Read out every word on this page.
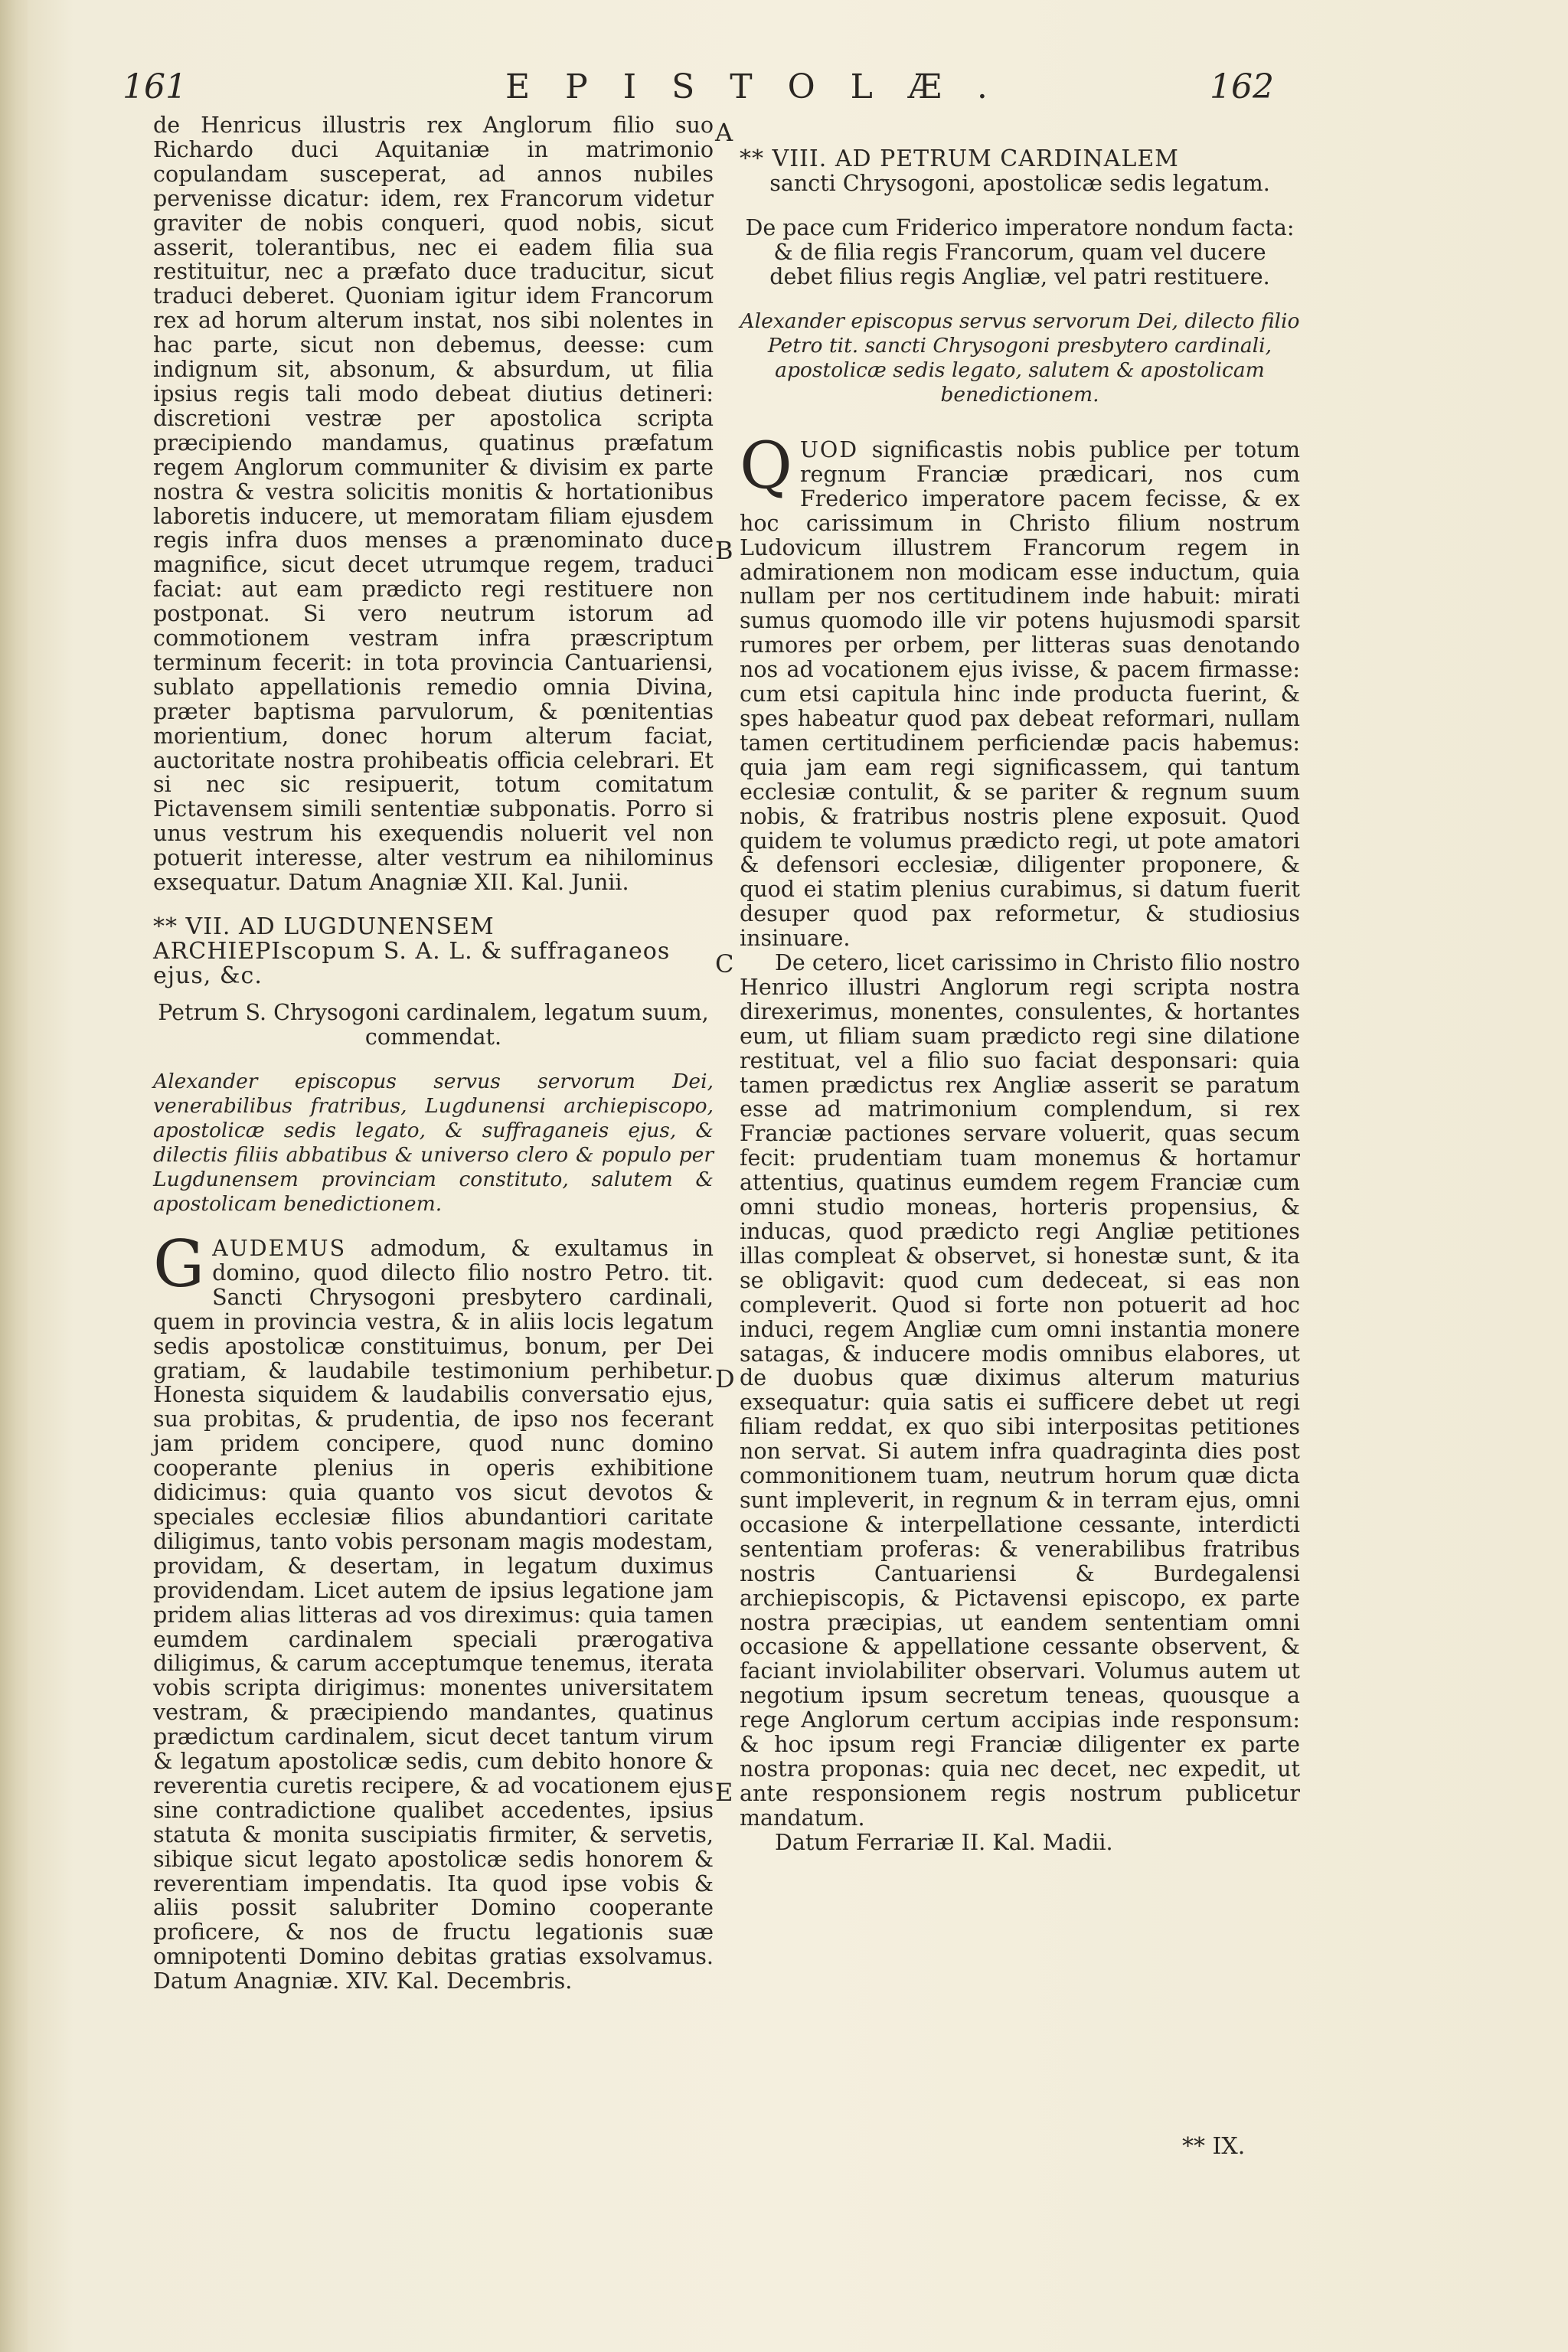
161	EPISTOLÆ.	162
A
B
C
D
E

de Henricus illustris rex Anglorum filio suo Richardo duci Aquitaniæ in matrimonio copulandam susceperat, ad annos nubiles pervenisse dicatur: idem, rex Francorum videtur graviter de nobis conqueri, quod nobis, sicut asserit, tolerantibus, nec ei eadem filia sua restituitur, nec a præfato duce traducitur, sicut traduci deberet. Quoniam igitur idem Francorum rex ad horum alterum instat, nos sibi nolentes in hac parte, sicut non debemus, deesse: cum indignum sit, absonum, & absurdum, ut filia ipsius regis tali modo debeat diutius detineri: discretioni vestræ per apostolica scripta præcipiendo mandamus, quatinus præfatum regem Anglorum communiter & divisim ex parte nostra & vestra solicitis monitis & hortationibus laboretis inducere, ut memoratam filiam ejusdem regis infra duos menses a prænominato duce magnifice, sicut decet utrumque regem, traduci faciat: aut eam prædicto regi restituere non postponat. Si vero neutrum istorum ad commotionem vestram infra præscriptum terminum fecerit: in tota provincia Cantuariensi, sublato appellationis remedio omnia Divina, præter baptisma parvulorum, & pœnitentias morientium, donec horum alterum faciat, auctoritate nostra prohibeatis officia celebrari. Et si nec sic resipuerit, totum comitatum Pictavensem simili sententiæ subponatis. Porro si unus vestrum his exequendis noluerit vel non potuerit interesse, alter vestrum ea nihilominus exsequatur. Datum Anagniæ XII. Kal. Junii.

** VII. AD LUGDUNENSEM ARCHIEPIscopum S. A. L. & suffraganeos ejus, &c.

Petrum S. Chrysogoni cardinalem, legatum suum, commendat.

Alexander episcopus servus servorum Dei, venerabilibus fratribus, Lugdunensi archiepiscopo, apostolicæ sedis legato, & suffraganeis ejus, & dilectis filiis abbatibus & universo clero & populo per Lugdunensem provinciam constituto, salutem & apostolicam benedictionem.

GAUDEMUS admodum, & exultamus in domino, quod dilecto filio nostro Petro. tit. Sancti Chrysogoni presbytero cardinali, quem in provincia vestra, & in aliis locis legatum sedis apostolicæ constituimus, bonum, per Dei gratiam, & laudabile testimonium perhibetur. Honesta siquidem & laudabilis conversatio ejus, sua probitas, & prudentia, de ipso nos fecerant jam pridem concipere, quod nunc domino cooperante plenius in operis exhibitione didicimus: quia quanto vos sicut devotos & speciales ecclesiæ filios abundantiori caritate diligimus, tanto vobis personam magis modestam, providam, & desertam, in legatum duximus providendam. Licet autem de ipsius legatione jam pridem alias litteras ad vos direximus: quia tamen eumdem cardinalem speciali prærogativa diligimus, & carum acceptumque tenemus, iterata vobis scripta dirigimus: monentes universitatem vestram, & præcipiendo mandantes, quatinus prædictum cardinalem, sicut decet tantum virum & legatum apostolicæ sedis, cum debito honore & reverentia curetis recipere, & ad vocationem ejus sine contradictione qualibet accedentes, ipsius statuta & monita suscipiatis firmiter, & servetis, sibique sicut legato apostolicæ sedis honorem & reverentiam impendatis. Ita quod ipse vobis & aliis possit salubriter Domino cooperante proficere, & nos de fructu legationis suæ omnipotenti Domino debitas gratias exsolvamus. Datum Anagniæ. XIV. Kal. Decembris.

** VIII. AD PETRUM CARDINALEM

sancti Chrysogoni, apostolicæ sedis legatum.

De pace cum Friderico imperatore nondum facta: & de filia regis Francorum, quam vel ducere debet filius regis Angliæ, vel patri restituere.

Alexander episcopus servus servorum Dei, dilecto filio Petro tit. sancti Chrysogoni presbytero cardinali, apostolicæ sedis legato, salutem & apostolicam benedictionem.

QUOD significastis nobis publice per totum regnum Franciæ prædicari, nos cum Frederico imperatore pacem fecisse, & ex hoc carissimum in Christo filium nostrum Ludovicum illustrem Francorum regem in admirationem non modicam esse inductum, quia nullam per nos certitudinem inde habuit: mirati sumus quomodo ille vir potens hujusmodi sparsit rumores per orbem, per litteras suas denotando nos ad vocationem ejus ivisse, & pacem firmasse: cum etsi capitula hinc inde producta fuerint, & spes habeatur quod pax debeat reformari, nullam tamen certitudinem perficiendæ pacis habemus: quia jam eam regi significassem, qui tantum ecclesiæ contulit, & se pariter & regnum suum nobis, & fratribus nostris plene exposuit. Quod quidem te volumus prædicto regi, ut pote amatori & defensori ecclesiæ, diligenter proponere, & quod ei statim plenius curabimus, si datum fuerit desuper quod pax reformetur, & studiosius insinuare.

De cetero, licet carissimo in Christo filio nostro Henrico illustri Anglorum regi scripta nostra direxerimus, monentes, consulentes, & hortantes eum, ut filiam suam prædicto regi sine dilatione restituat, vel a filio suo faciat desponsari: quia tamen prædictus rex Angliæ asserit se paratum esse ad matrimonium complendum, si rex Franciæ pactiones servare voluerit, quas secum fecit: prudentiam tuam monemus & hortamur attentius, quatinus eumdem regem Franciæ cum omni studio moneas, horteris propensius, & inducas, quod prædicto regi Angliæ petitiones illas compleat & observet, si honestæ sunt, & ita se obligavit: quod cum dedeceat, si eas non compleverit. Quod si forte non potuerit ad hoc induci, regem Angliæ cum omni instantia monere satagas, & inducere modis omnibus elabores, ut de duobus quæ diximus alterum maturius exsequatur: quia satis ei sufficere debet ut regi filiam reddat, ex quo sibi interpositas petitiones non servat. Si autem infra quadraginta dies post commonitionem tuam, neutrum horum quæ dicta sunt impleverit, in regnum & in terram ejus, omni occasione & interpellatione cessante, interdicti sententiam proferas: & venerabilibus fratribus nostris Cantuariensi & Burdegalensi archiepiscopis, & Pictavensi episcopo, ex parte nostra præcipias, ut eandem sententiam omni occasione & appellatione cessante observent, & faciant inviolabiliter observari. Volumus autem ut negotium ipsum secretum teneas, quousque a rege Anglorum certum accipias inde responsum: & hoc ipsum regi Franciæ diligenter ex parte nostra proponas: quia nec decet, nec expedit, ut ante responsionem regis nostrum publicetur mandatum.

Datum Ferrariæ II. Kal. Madii.

** IX.
